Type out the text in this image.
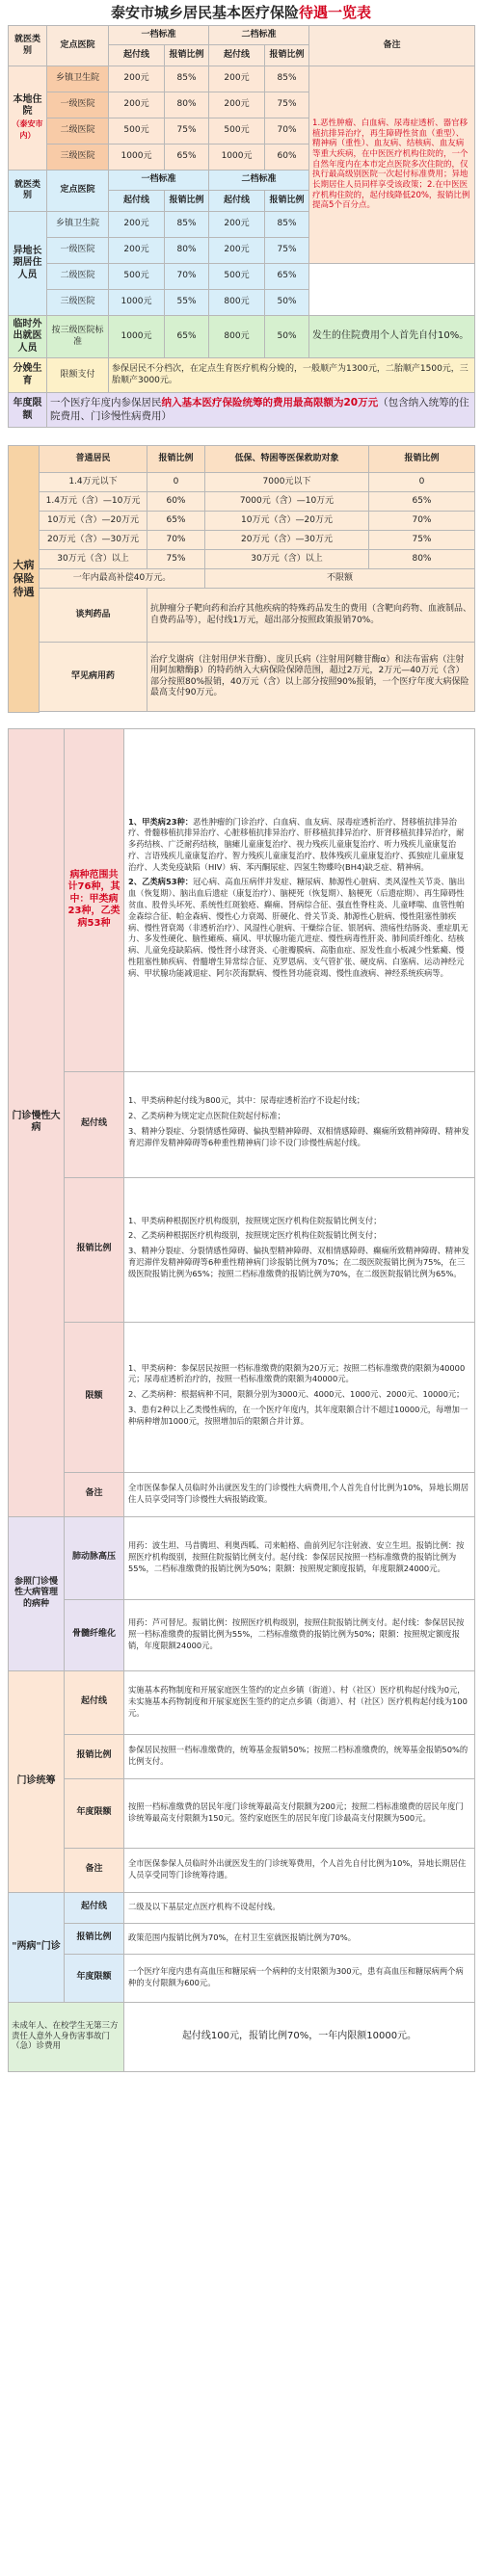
泰安市城乡居民基本医疗保险待遇一览表
就医类别	定点医院	一档标准		二档标准		备注	
		起付线	报销比例	起付线	报销比例		
本地住院
（泰安市内）	乡镇卫生院	200元	85%	200元	85%	1.恶性肿瘤、白血病、尿毒症透析、器官移植抗排异治疗，再生障碍性贫血（重型）、精神病（重性）、血友病、结核病、血友病等重大疾病，在中医医疗机构住院的，一个自然年度内在本市定点医院多次住院的，仅执行最高级别医院一次起付标准费用；异地长期居住人员同样享受该政策；2.在中医医疗机构住院的，起付线降低20%，报销比例提高5个百分点。	
	一级医院	200元	80%	200元	75%		
	二级医院	500元	75%	500元	70%		
	三级医院	1000元	65%	1000元	60%		
就医类别	定点医院	一档标准		二档标准			
		起付线	报销比例	起付线	报销比例		
异地长期居住人员	乡镇卫生院	200元	85%	200元	85%		
	一级医院	200元	80%	200元	75%		
	二级医院	500元	70%	500元	65%		
	三级医院	1000元	55%	800元	50%		
临时外出就医人员	按三级医院标准	1000元	65%	800元	50%	发生的住院费用个人首先自付10%。	
分娩生育	限额支付	参保居民不分档次，在定点生育医疗机构分娩的，一般顺产为1300元，二胎顺产1500元，三胎顺产3000元。					
年度限额	一个医疗年度内参保居民纳入基本医疗保险统筹的费用最高限额为20万元（包含纳入统筹的住院费用、门诊慢性病费用）						
大病保险待遇	普通居民	报销比例	低保、特困等医保救助对象	报销比例
	1.4万元以下	0	7000元以下	0
	1.4万元（含）—10万元	60%	7000元（含）—10万元	65%
	10万元（含）—20万元	65%	10万元（含）—20万元	70%
	20万元（含）—30万元	70%	20万元（含）—30万元	75%
	30万元（含）以上	75%	30万元（含）以上	80%
	一年内最高补偿40万元。		不限额	
	谈判药品	抗肿瘤分子靶向药和治疗其他疾病的特殊药品发生的费用（含靶向药物、血液制品、自费药品等），起付线1万元，超出部分按照政策报销70%。		
	罕见病用药	治疗戈谢病（注射用伊米苷酶）、庞贝氏病（注射用阿糖苷酶α）和法布雷病（注射用阿加糖酶β）的特药纳入大病保险保障范围，超过2万元，2万元—40万元（含）部分按照80%报销，40万元（含）以上部分按照90%报销，一个医疗年度大病保险最高支付90万元。		

门诊慢性大病	病种范围共计76种，其中：甲类病23种，乙类病53种	1、甲类病23种：恶性肿瘤的门诊治疗、白血病、血友病、尿毒症透析治疗、肾移植抗排异治疗、骨髓移植抗排异治疗、心脏移植抗排异治疗、肝移植抗排异治疗、肝肾移植抗排异治疗，耐多药结核、广泛耐药结核，脑瘫儿童康复治疗、视力残疾儿童康复治疗、听力残疾儿童康复治疗、言语残疾儿童康复治疗、智力残疾儿童康复治疗、肢体残疾儿童康复治疗、孤独症儿童康复治疗、人类免疫缺陷（HIV）病、苯丙酮尿症、四氢生物蝶呤(BH4)缺乏症、精神病。

2、乙类病53种：冠心病、高血压病伴并发症、糖尿病、肺源性心脏病、类风湿性关节炎、脑出血（恢复期）、脑出血后遗症（康复治疗）、脑梗死（恢复期）、脑梗死（后遗症期）、再生障碍性贫血、股骨头坏死、系统性红斑狼疮、癫痫、肾病综合征、强直性脊柱炎、儿童哮喘、血管性帕金森综合征、帕金森病、慢性心力衰竭、肝硬化、骨关节炎、肺源性心脏病、慢性阻塞性肺疾病、慢性肾衰竭（非透析治疗）、风湿性心脏病、干燥综合征、银屑病、溃疡性结肠炎、重症肌无力、多发性硬化、脑性瘫痪、痛风、甲状腺功能亢进症、慢性病毒性肝炎、肺间质纤维化、结核病、儿童免疫缺陷病、慢性肾小球肾炎、心脏瓣膜病、高脂血症、原发性血小板减少性紫癜、慢性阻塞性肺疾病、骨髓增生异常综合征、克罗恩病、支气管扩张、硬皮病、白塞病、运动神经元病、甲状腺功能减退症、阿尔茨海默病、慢性肾功能衰竭、慢性血液病、神经系统疾病等。

	起付线	1、甲类病种起付线为800元，其中：尿毒症透析治疗不设起付线；

2、乙类病种为规定定点医院住院起付标准；

3、精神分裂症、分裂情感性障碍、偏执型精神障碍、双相情感障碍、癫痫所致精神障碍、精神发育迟滞伴发精神障碍等6种重性精神病门诊不设门诊慢性病起付线。

	报销比例	1、甲类病种根据医疗机构级别，按照规定医疗机构住院报销比例支付；

2、乙类病种根据医疗机构级别，按照规定医疗机构住院报销比例支付；

3、精神分裂症、分裂情感性障碍、偏执型精神障碍、双相情感障碍、癫痫所致精神障碍、精神发育迟滞伴发精神障碍等6种重性精神病门诊报销比例为70%；在二级医院报销比例为75%，在三级医院报销比例为65%；按照二档标准缴费的报销比例为70%，在二级医院报销比例为65%。

	限额	1、甲类病种：参保居民按照一档标准缴费的限额为20万元；按照二档标准缴费的限额为40000元；尿毒症透析治疗的，按照一档标准缴费的限额为40000元。

2、乙类病种：根据病种不同，限额分别为3000元、4000元、1000元、2000元、10000元；

3、患有2种以上乙类慢性病的，在一个医疗年度内，其年度限额合计不超过10000元，每增加一种病种增加1000元，按照增加后的限额合并计算。

	备注	全市医保参保人员临时外出就医发生的门诊慢性大病费用,个人首先自付比例为10%，异地长期居住人员享受同等门诊慢性大病报销政策。
参照门诊慢性大病管理的病种	肺动脉高压	用药：波生坦、马昔腾坦、利奥西呱、司来帕格、曲前列尼尔注射液、安立生坦。报销比例：按照医疗机构级别，按照住院报销比例支付。起付线：参保居民按照一档标准缴费的报销比例为55%，二档标准缴费的报销比例为50%；限额：按照规定额度报销，年度限额24000元。
	骨髓纤维化	用药：芦可替尼。报销比例：按照医疗机构级别，按照住院报销比例支付。起付线：参保居民按照一档标准缴费的报销比例为55%，二档标准缴费的报销比例为50%；限额：按照规定额度报销，年度限额24000元。
门诊统筹	起付线	实施基本药物制度和开展家庭医生签约的定点乡镇（街道）、村（社区）医疗机构起付线为0元，未实施基本药物制度和开展家庭医生签约的定点乡镇（街道）、村（社区）医疗机构起付线为100元。
	报销比例	参保居民按照一档标准缴费的，统筹基金报销50%；按照二档标准缴费的，统筹基金报销50%的比例支付。
	年度限额	按照一档标准缴费的居民年度门诊统筹最高支付限额为200元；按照二档标准缴费的居民年度门诊统筹最高支付限额为150元。签约家庭医生的居民年度门诊最高支付限额为500元。
	备注	全市医保参保人员临时外出就医发生的门诊统筹费用，个人首先自付比例为10%，异地长期居住人员享受同等门诊统筹待遇。
"两病"门诊	起付线	二级及以下基层定点医疗机构不设起付线。
	报销比例	政策范围内报销比例为70%，在村卫生室就医报销比例为70%。
	年度限额	一个医疗年度内患有高血压和糖尿病一个病种的支付限额为300元，患有高血压和糖尿病两个病种的支付限额为600元。
未成年人、在校学生无第三方责任人意外人身伤害事故门（急）诊费用		起付线100元，报销比例70%，一年内限额10000元。
